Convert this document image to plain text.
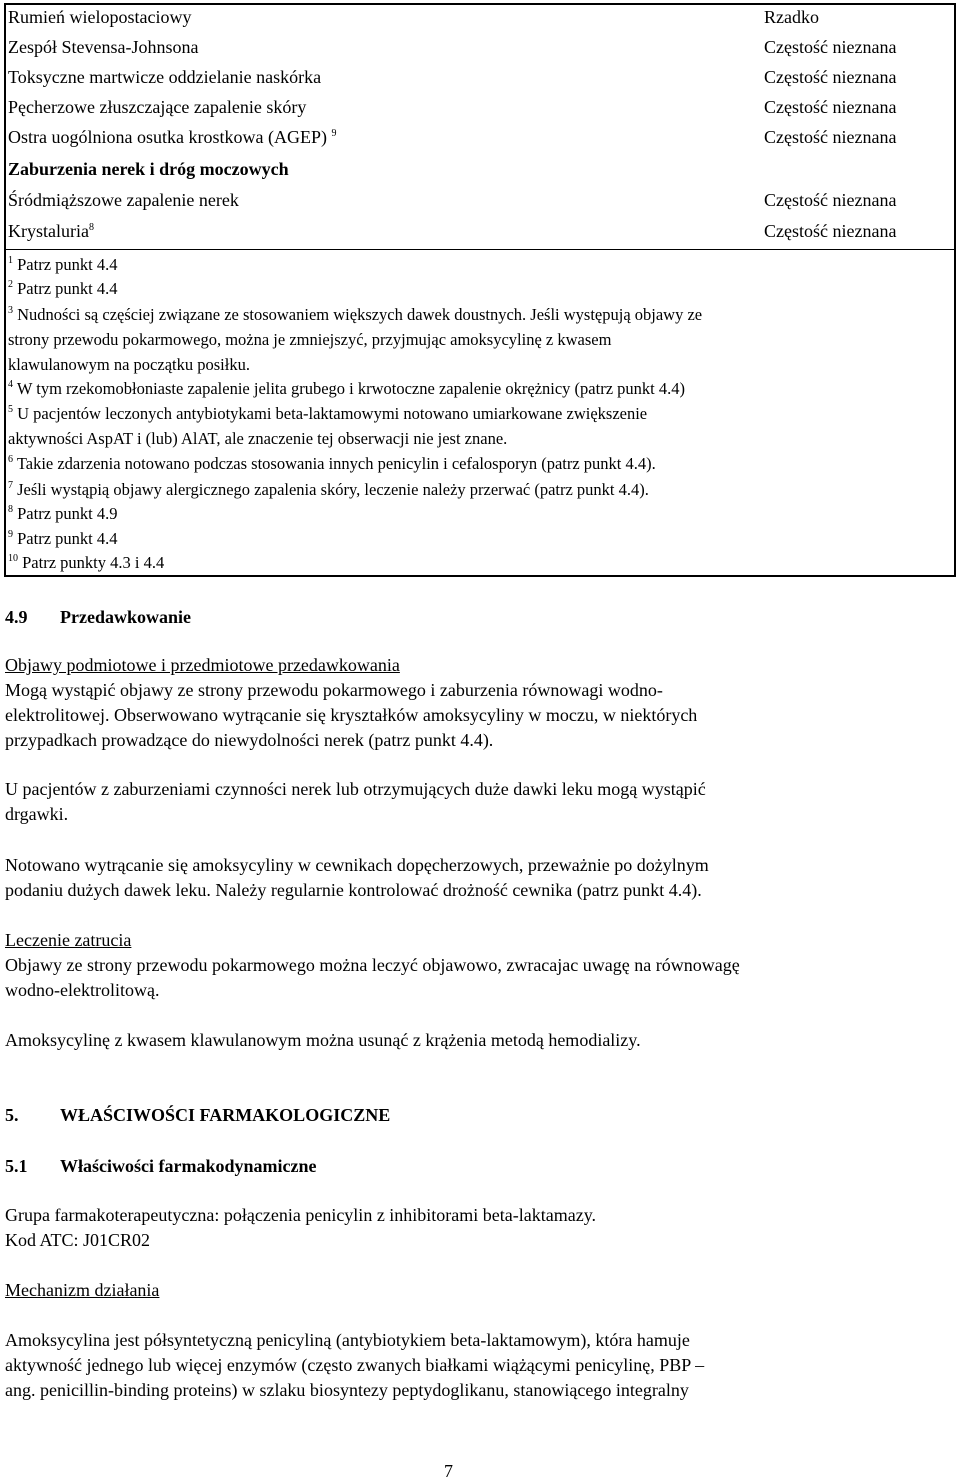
Rumień wielopostaciowy	Rzadko
Zespół Stevensa-Johnsona	Częstość nieznana
Toksyczne martwicze oddzielanie naskórka	Częstość nieznana
Pęcherzowe złuszczające zapalenie skóry	Częstość nieznana
Ostra uogólniona osutka krostkowa (AGEP) $^9$	Częstość nieznana
Zaburzenia nerek i dróg moczowych
Śródmiąższowe zapalenie nerek	Częstość nieznana
Krystaluria$^8$	Częstość nieznana
$^1$ Patrz punkt 4.4
$^2$ Patrz punkt 4.4
$^3$ Nudności są częściej związane ze stosowaniem większych dawek doustnych. Jeśli występują objawy ze
strony przewodu pokarmowego, można je zmniejszyć, przyjmując amoksycylinę z kwasem
klawulanowym na początku posiłku.
$^4$ W tym rzekomobłoniaste zapalenie jelita grubego i krwotoczne zapalenie okrężnicy (patrz punkt 4.4)
$^5$ U pacjentów leczonych antybiotykami beta-laktamowymi notowano umiarkowane zwiększenie
aktywności AspAT i (lub) AlAT, ale znaczenie tej obserwacji nie jest znane.
$^6$ Takie zdarzenia notowano podczas stosowania innych penicylin i cefalosporyn (patrz punkt 4.4).
$^7$ Jeśli wystąpią objawy alergicznego zapalenia skóry, leczenie należy przerwać (patrz punkt 4.4).
$^8$ Patrz punkt 4.9
$^9$ Patrz punkt 4.4
$^{10}$ Patrz punkty 4.3 i 4.4
4.9 Przedawkowanie
Objawy podmiotowe i przedmiotowe przedawkowania
Mogą wystąpić objawy ze strony przewodu pokarmowego i zaburzenia równowagi wodno-
elektrolitowej. Obserwowano wytrącanie się kryształków amoksycyliny w moczu, w niektórych
przypadkach prowadzące do niewydolności nerek (patrz punkt 4.4).
U pacjentów z zaburzeniami czynności nerek lub otrzymujących duże dawki leku mogą wystąpić
drgawki.
Notowano wytrącanie się amoksycyliny w cewnikach dopęcherzowych, przeważnie po dożylnym
podaniu dużych dawek leku. Należy regularnie kontrolować drożność cewnika (patrz punkt 4.4).
Leczenie zatrucia
Objawy ze strony przewodu pokarmowego można leczyć objawowo, zwracajac uwagę na równowagę
wodno-elektrolitową.
Amoksycylinę z kwasem klawulanowym można usunąć z krążenia metodą hemodializy.
5. WŁAŚCIWOŚCI FARMAKOLOGICZNE
5.1 Właściwości farmakodynamiczne
Grupa farmakoterapeutyczna: połączenia penicylin z inhibitorami beta-laktamazy.
Kod ATC: J01CR02
Mechanizm działania
Amoksycylina jest półsyntetyczną penicyliną (antybiotykiem beta-laktamowym), która hamuje
aktywność jednego lub więcej enzymów (często zwanych białkami wiążącymi penicylinę, PBP –
ang. penicillin-binding proteins) w szlaku biosyntezy peptydoglikanu, stanowiącego integralny
7
